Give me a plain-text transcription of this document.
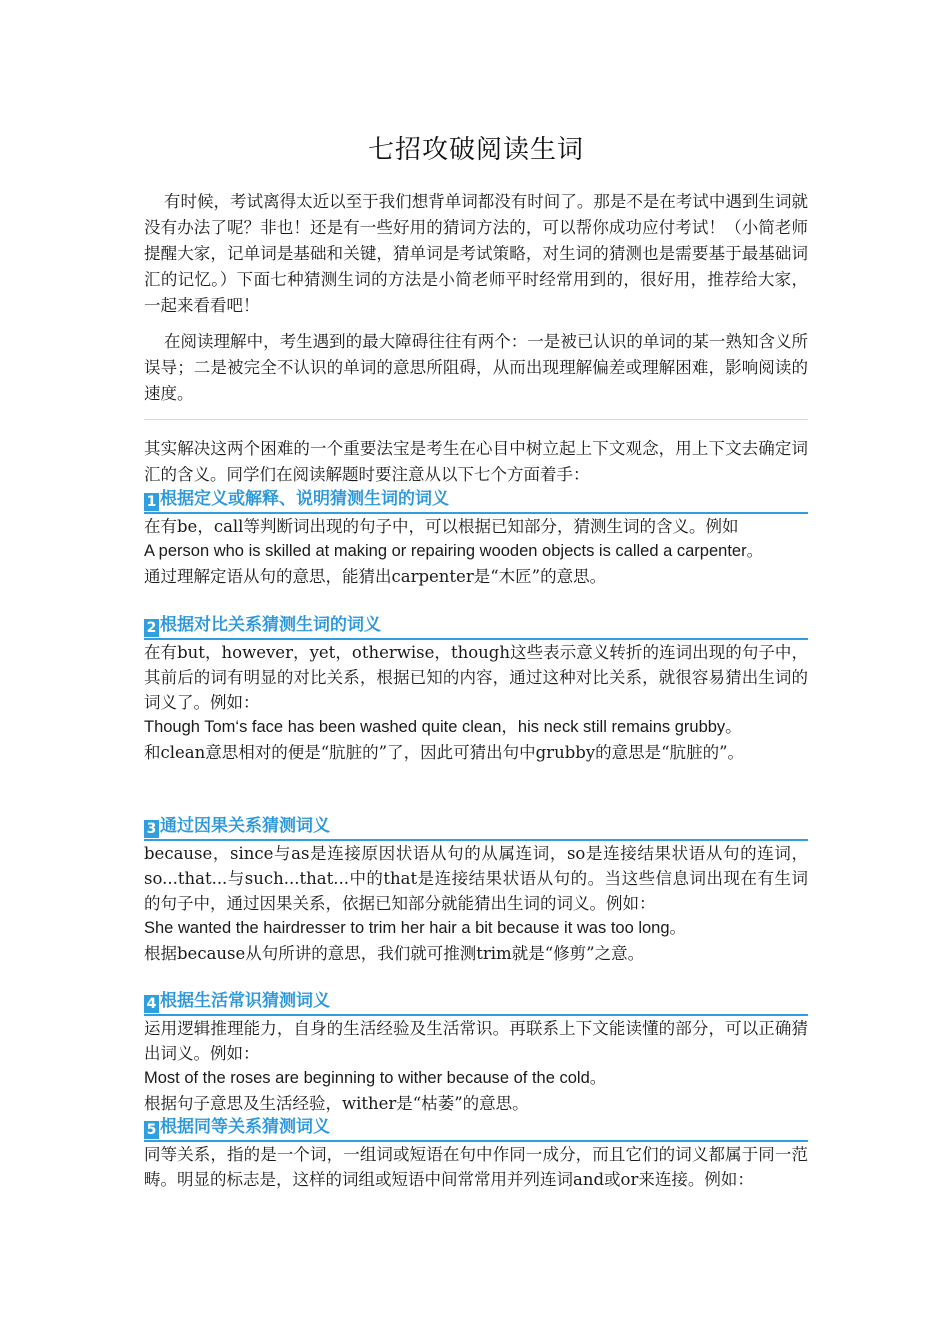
七招攻破阅读生词

有时候，考试离得太近以至于我们想背单词都没有时间了。那是不是在考试中遇到生词就没有办法了呢？非也！还是有一些好用的猜词方法的，可以帮你成功应付考试！（小简老师提醒大家，记单词是基础和关键，猜单词是考试策略，对生词的猜测也是需要基于最基础词汇的记忆。）下面七种猜测生词的方法是小简老师平时经常用到的，很好用，推荐给大家，一起来看看吧！

在阅读理解中，考生遇到的最大障碍往往有两个：一是被已认识的单词的某一熟知含义所误导；二是被完全不认识的单词的意思所阻碍，从而出现理解偏差或理解困难，影响阅读的速度。

其实解决这两个困难的一个重要法宝是考生在心目中树立起上下文观念，用上下文去确定词汇的含义。同学们在阅读解题时要注意从以下七个方面着手：

1 根据定义或解释、说明猜测生词的词义

在有be，call等判断词出现的句子中，可以根据已知部分，猜测生词的含义。例如

A person who is skilled at making or repairing wooden objects is called a carpenter。

通过理解定语从句的意思，能猜出carpenter是“木匠”的意思。

2 根据对比关系猜测生词的词义

在有but，however，yet，otherwise，though这些表示意义转折的连词出现的句子中，其前后的词有明显的对比关系，根据已知的内容，通过这种对比关系，就很容易猜出生词的词义了。例如：

Though Tom‘s face has been washed quite clean，his neck still remains grubby。

和clean意思相对的便是“肮脏的”了，因此可猜出句中grubby的意思是“肮脏的”。

3 通过因果关系猜测词义

because，since与as是连接原因状语从句的从属连词，so是连接结果状语从句的连词，so...that...与such...that...中的that是连接结果状语从句的。当这些信息词出现在有生词的句子中，通过因果关系，依据已知部分就能猜出生词的词义。例如：

She wanted the hairdresser to trim her hair a bit because it was too long。

根据because从句所讲的意思，我们就可推测trim就是“修剪”之意。

4 根据生活常识猜测词义

运用逻辑推理能力，自身的生活经验及生活常识。再联系上下文能读懂的部分，可以正确猜出词义。例如：

Most of the roses are beginning to wither because of the cold。

根据句子意思及生活经验，wither是“枯萎”的意思。

5 根据同等关系猜测词义

同等关系，指的是一个词，一组词或短语在句中作同一成分，而且它们的词义都属于同一范畴。明显的标志是，这样的词组或短语中间常常用并列连词and或or来连接。例如：
